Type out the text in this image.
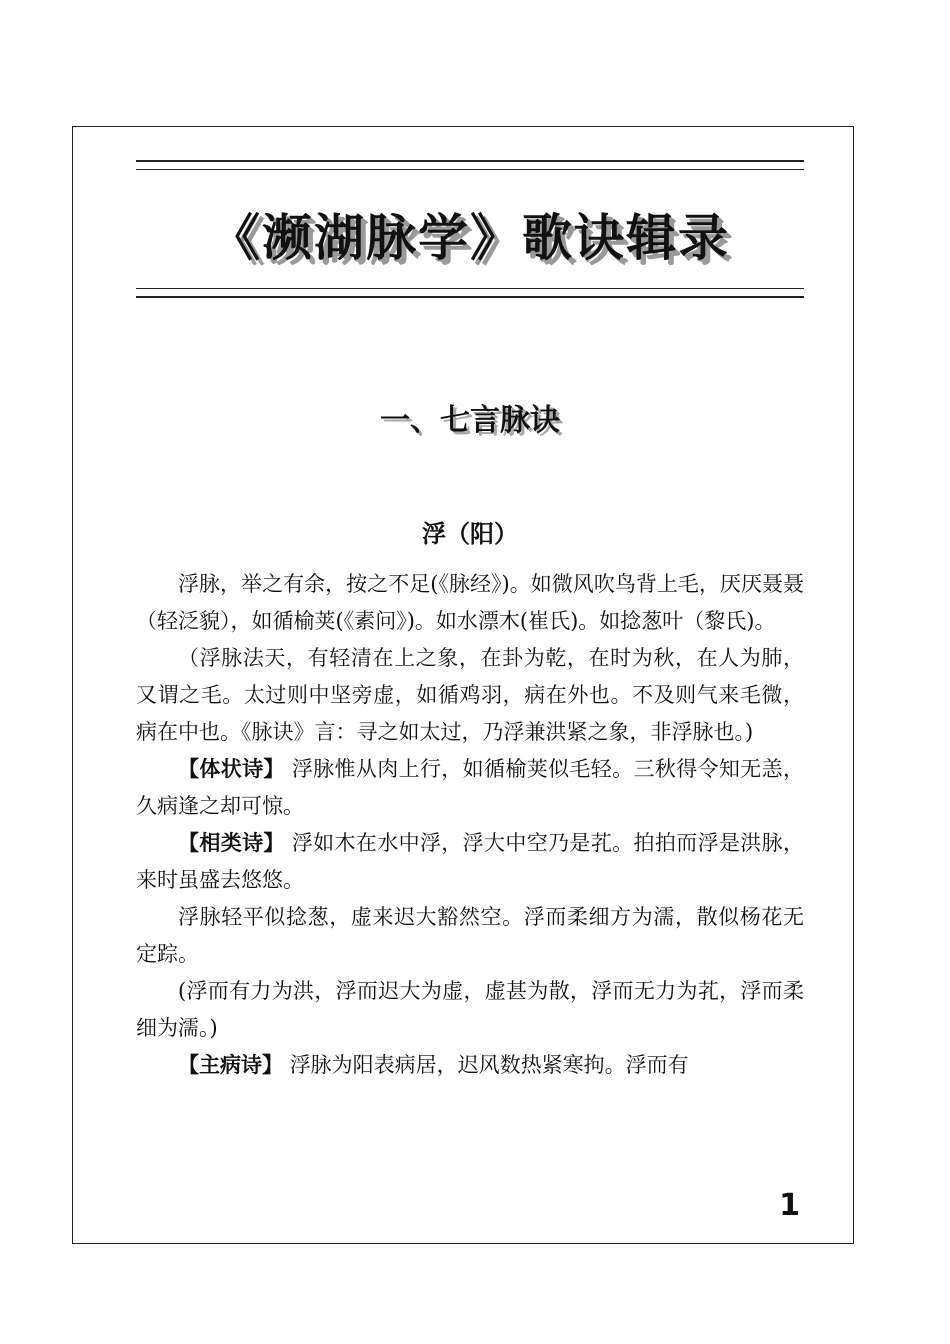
《濒湖脉学》歌诀辑录
一、七言脉诀
浮（阳）

浮脉，举之有余，按之不足(《脉经》)。如微风吹鸟背上毛，厌厌聂聂（轻泛貌），如循榆荚(《素问》)。如水漂木(崔氏)。如捻葱叶（黎氏)。

（浮脉法天，有轻清在上之象，在卦为乾，在时为秋，在人为肺，又谓之毛。太过则中坚旁虚，如循鸡羽，病在外也。不及则气来毛微，病在中也。《脉诀》言：寻之如太过，乃浮兼洪紧之象，非浮脉也。)

【体状诗】 浮脉惟从肉上行，如循榆荚似毛轻。三秋得令知无恙，久病逢之却可惊。

【相类诗】 浮如木在水中浮，浮大中空乃是芤。拍拍而浮是洪脉，来时虽盛去悠悠。

浮脉轻平似捻葱，虚来迟大豁然空。浮而柔细方为濡，散似杨花无定踪。

(浮而有力为洪，浮而迟大为虚，虚甚为散，浮而无力为芤，浮而柔细为濡。)

【主病诗】 浮脉为阳表病居，迟风数热紧寒拘。浮而有

1
